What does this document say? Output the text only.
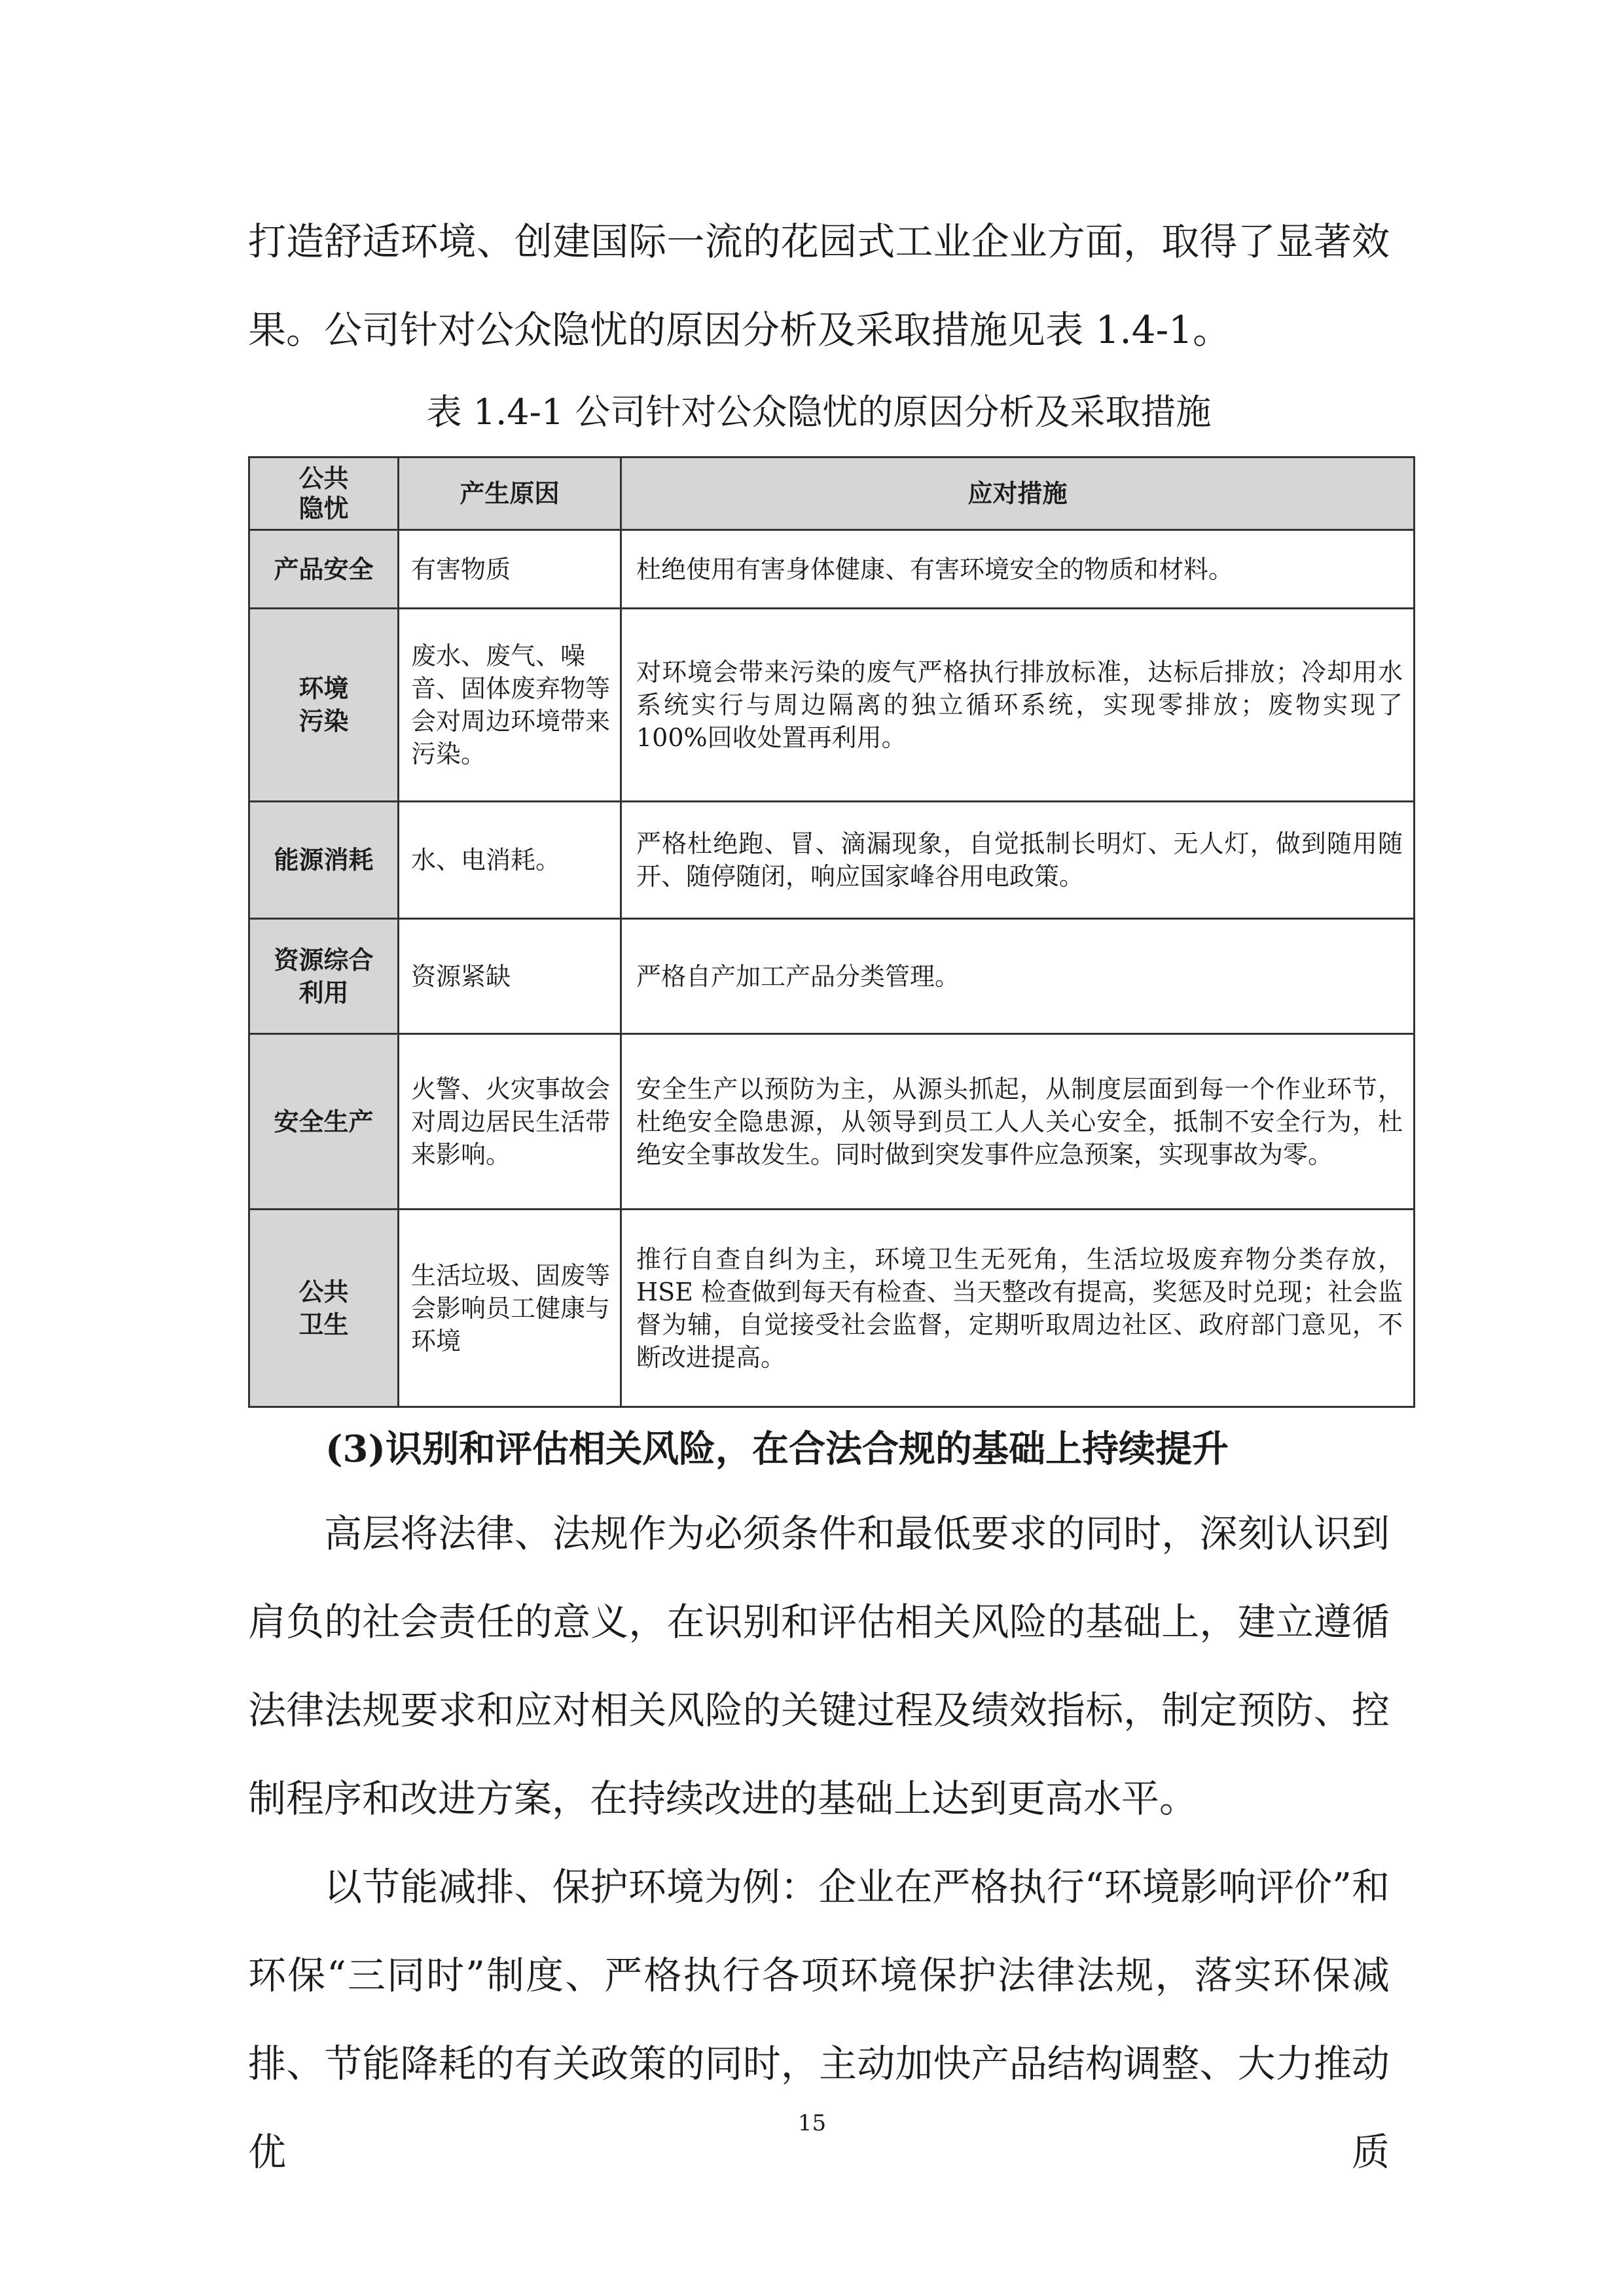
打造舒适环境、创建国际一流的花园式工业企业方面，取得了显著效
果。公司针对公众隐忧的原因分析及采取措施见表 1.4-1。
表 1.4-1 公司针对公众隐忧的原因分析及采取措施
公共
隐忧	产生原因	应对措施
产品安全	有害物质	杜绝使用有害身体健康、有害环境安全的物质和材料。
环境
污染	废水、废气、噪音、固体废弃物等会对周边环境带来污染。	对环境会带来污染的废气严格执行排放标准，达标后排放；冷却用水系统实行与周边隔离的独立循环系统，实现零排放；废物实现了 100%回收处置再利用。
能源消耗	水、电消耗。	严格杜绝跑、冒、滴漏现象，自觉抵制长明灯、无人灯，做到随用随开、随停随闭，响应国家峰谷用电政策。
资源综合
利用	资源紧缺	严格自产加工产品分类管理。
安全生产	火警、火灾事故会对周边居民生活带来影响。	安全生产以预防为主，从源头抓起，从制度层面到每一个作业环节，杜绝安全隐患源，从领导到员工人人关心安全，抵制不安全行为，杜绝安全事故发生。同时做到突发事件应急预案，实现事故为零。
公共
卫生	生活垃圾、固废等会影响员工健康与环境	推行自查自纠为主，环境卫生无死角，生活垃圾废弃物分类存放，HSE 检查做到每天有检查、当天整改有提高，奖惩及时兑现；社会监督为辅，自觉接受社会监督，定期听取周边社区、政府部门意见，不断改进提高。
(3)识别和评估相关风险，在合法合规的基础上持续提升
高层将法律、法规作为必须条件和最低要求的同时，深刻认识到肩负的社会责任的意义，在识别和评估相关风险的基础上，建立遵循法律法规要求和应对相关风险的关键过程及绩效指标，制定预防、控制程序和改进方案，在持续改进的基础上达到更高水平。
以节能减排、保护环境为例：企业在严格执行“环境影响评价”和环保“三同时”制度、严格执行各项环境保护法律法规，落实环保减排、节能降耗的有关政策的同时，主动加快产品结构调整、大力推动优质
15
